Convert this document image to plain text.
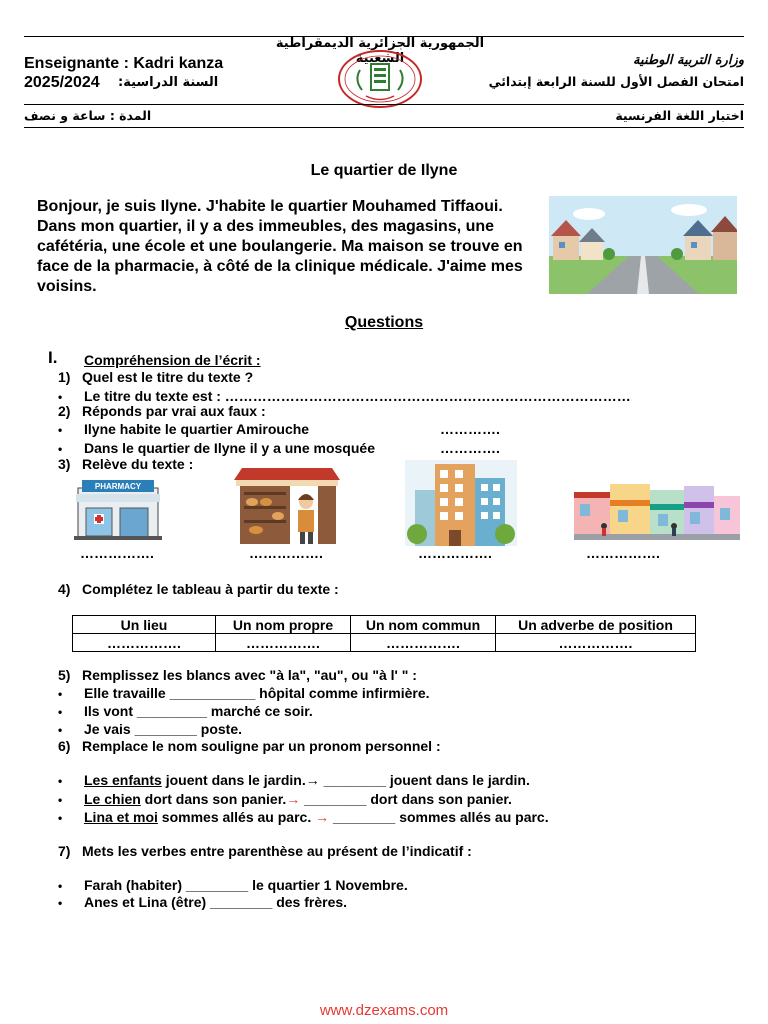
الجمهورية الجزائرية الديمقراطية الشعبية
Enseignante : Kadri kanza
2025/2024 السنة الدراسية:
وزارة التربية الوطنية
امتحان الفصل الأول للسنة الرابعة إبتدائي
المدة : ساعة و نصف	اختبار اللغة الفرنسية
Le quartier de Ilyne
Bonjour, je suis Ilyne. J'habite le quartier Mouhamed Tiffaoui. Dans mon quartier, il y a des immeubles, des magasins, une cafétéria, une école et une boulangerie. Ma maison se trouve en face de la pharmacie, à côté de la clinique médicale. J'aime mes voisins.
Questions
I. Compréhension de l’écrit :
1) Quel est le titre du texte ?
• Le titre du texte est : ……………………………………………………………………………
2) Réponds par vrai aux faux :
• Ilyne habite le quartier Amirouche	………….
• Dans le quartier de Ilyne il y a une mosquée	………….
3) Relève du texte :
PHARMACY
…………….	…………….	…………….	…………….
4) Complétez le tableau à partir du texte :
Un lieu	Un nom propre	Un nom commun	Un adverbe de position
…………….	…………….	…………….	…………….
5) Remplissez les blancs avec "à la", "au", ou "à l' " :
• Elle travaille ___________ hôpital comme infirmière.
• Ils vont _________ marché ce soir.
• Je vais ________ poste.
6) Remplace le nom souligne par un pronom personnel :
• Les enfants jouent dans le jardin.→ ________ jouent dans le jardin.
• Le chien dort dans son panier.→ ________ dort dans son panier.
• Lina et moi sommes allés au parc. → ________ sommes allés au parc.
7) Mets les verbes entre parenthèse au présent de l’indicatif :
• Farah (habiter) ________ le quartier 1 Novembre.
• Anes et Lina (être) ________ des frères.
www.dzexams.com
